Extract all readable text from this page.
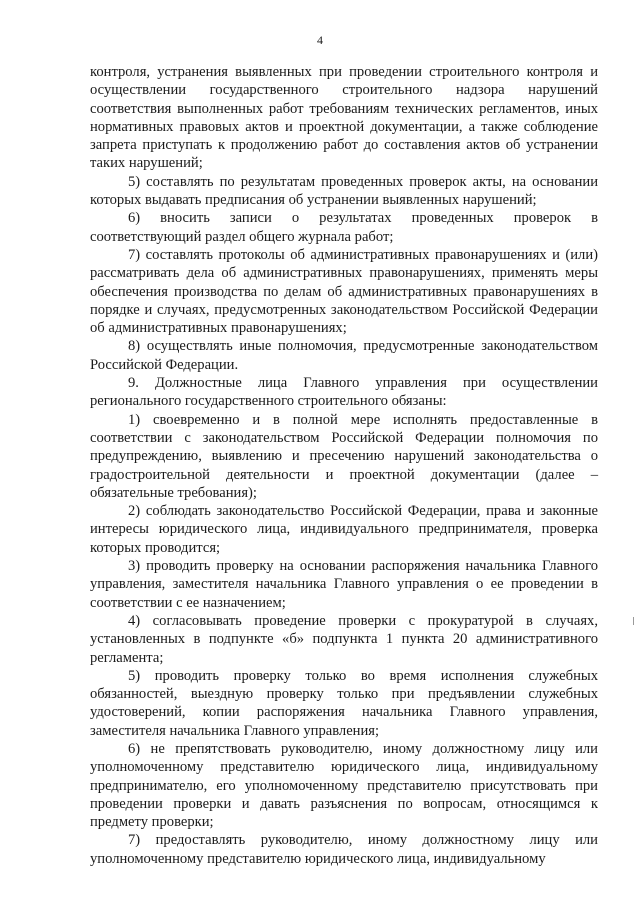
4

контроля, устранения выявленных при проведении строительного контроля и осуществлении государственного строительного надзора нарушений соответствия выполненных работ требованиям технических регламентов, иных нормативных правовых актов и проектной документации, а также соблюдение запрета приступать к продолжению работ до составления актов об устранении таких нарушений;

5) составлять по результатам проведенных проверок акты, на основании которых выдавать предписания об устранении выявленных нарушений;

6) вносить записи о результатах проведенных проверок в соответствующий раздел общего журнала работ;

7) составлять протоколы об административных правонарушениях и (или) рассматривать дела об административных правонарушениях, применять меры обеспечения производства по делам об административных правонарушениях в порядке и случаях, предусмотренных законодательством Российской Федерации об административных правонарушениях;

8) осуществлять иные полномочия, предусмотренные законодательством Российской Федерации.

9. Должностные лица Главного управления при осуществлении регионального государственного строительного обязаны:

1) своевременно и в полной мере исполнять предоставленные в соответствии с законодательством Российской Федерации полномочия по предупреждению, выявлению и пресечению нарушений законодательства о градостроительной деятельности и проектной документации (далее – обязательные требования);

2) соблюдать законодательство Российской Федерации, права и законные интересы юридического лица, индивидуального предпринимателя, проверка которых проводится;

3) проводить проверку на основании распоряжения начальника Главного управления, заместителя начальника Главного управления о ее проведении в соответствии с ее назначением;

4) согласовывать проведение проверки с прокуратурой в случаях, установленных в подпункте «б» подпункта 1 пункта 20 административного регламента;

5) проводить проверку только во время исполнения служебных обязанностей, выездную проверку только при предъявлении служебных удостоверений, копии распоряжения начальника Главного управления, заместителя начальника Главного управления;

6) не препятствовать руководителю, иному должностному лицу или уполномоченному представителю юридического лица, индивидуальному предпринимателю, его уполномоченному представителю присутствовать при проведении проверки и давать разъяснения по вопросам, относящимся к предмету проверки;

7) предоставлять руководителю, иному должностному лицу или уполномоченному представителю юридического лица, индивидуальному
